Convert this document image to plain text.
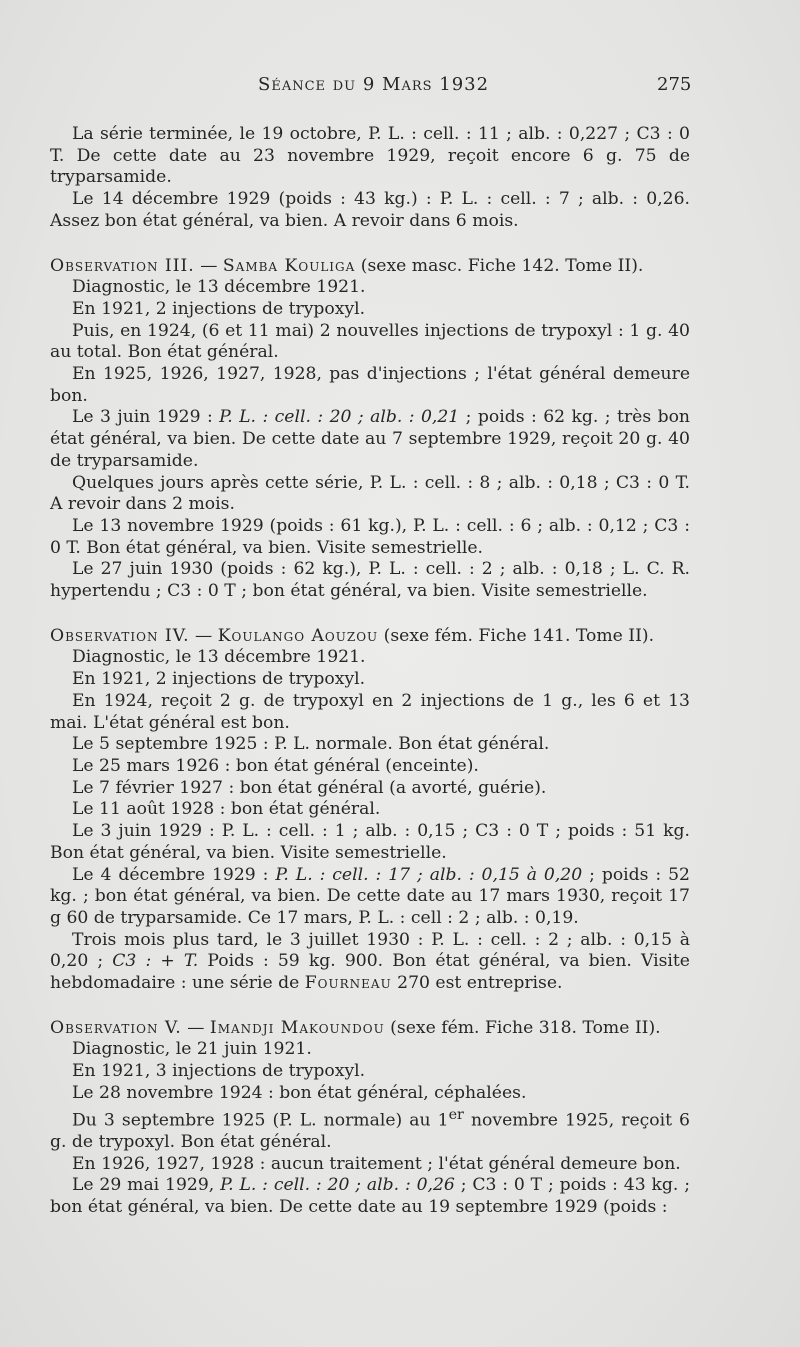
Séance du 9 Mars 1932	275

La série terminée, le 19 octobre, P. L. : cell. : 11 ; alb. : 0,227 ; C3 : 0 T. De cette date au 23 novembre 1929, reçoit encore 6 g. 75 de tryparsamide.

Le 14 décembre 1929 (poids : 43 kg.) : P. L. : cell. : 7 ; alb. : 0,26. Assez bon état général, va bien. A revoir dans 6 mois.

Observation III. — Samba Kouliga (sexe masc. Fiche 142. Tome II).

Diagnostic, le 13 décembre 1921.

En 1921, 2 injections de trypoxyl.

Puis, en 1924, (6 et 11 mai) 2 nouvelles injections de trypoxyl : 1 g. 40 au total. Bon état général.

En 1925, 1926, 1927, 1928, pas d'injections ; l'état général demeure bon.

Le 3 juin 1929 : P. L. : cell. : 20 ; alb. : 0,21 ; poids : 62 kg. ; très bon état général, va bien. De cette date au 7 septembre 1929, reçoit 20 g. 40 de tryparsamide.

Quelques jours après cette série, P. L. : cell. : 8 ; alb. : 0,18 ; C3 : 0 T. A revoir dans 2 mois.

Le 13 novembre 1929 (poids : 61 kg.), P. L. : cell. : 6 ; alb. : 0,12 ; C3 : 0 T. Bon état général, va bien. Visite semestrielle.

Le 27 juin 1930 (poids : 62 kg.), P. L. : cell. : 2 ; alb. : 0,18 ; L. C. R. hypertendu ; C3 : 0 T ; bon état général, va bien. Visite semestrielle.

Observation IV. — Koulango Aouzou (sexe fém. Fiche 141. Tome II).

Diagnostic, le 13 décembre 1921.

En 1921, 2 injections de trypoxyl.

En 1924, reçoit 2 g. de trypoxyl en 2 injections de 1 g., les 6 et 13 mai. L'état général est bon.

Le 5 septembre 1925 : P. L. normale. Bon état général.

Le 25 mars 1926 : bon état général (enceinte).

Le 7 février 1927 : bon état général (a avorté, guérie).

Le 11 août 1928 : bon état général.

Le 3 juin 1929 : P. L. : cell. : 1 ; alb. : 0,15 ; C3 : 0 T ; poids : 51 kg. Bon état général, va bien. Visite semestrielle.

Le 4 décembre 1929 : P. L. : cell. : 17 ; alb. : 0,15 à 0,20 ; poids : 52 kg. ; bon état général, va bien. De cette date au 17 mars 1930, reçoit 17 g 60 de tryparsamide. Ce 17 mars, P. L. : cell : 2 ; alb. : 0,19.

Trois mois plus tard, le 3 juillet 1930 : P. L. : cell. : 2 ; alb. : 0,15 à 0,20 ; C3 : + T. Poids : 59 kg. 900. Bon état général, va bien. Visite hebdomadaire : une série de Fourneau 270 est entreprise.

Observation V. — Imandji Makoundou (sexe fém. Fiche 318. Tome II).

Diagnostic, le 21 juin 1921.

En 1921, 3 injections de trypoxyl.

Le 28 novembre 1924 : bon état général, céphalées.

Du 3 septembre 1925 (P. L. normale) au 1er novembre 1925, reçoit 6 g. de trypoxyl. Bon état général.

En 1926, 1927, 1928 : aucun traitement ; l'état général demeure bon.

Le 29 mai 1929, P. L. : cell. : 20 ; alb. : 0,26 ; C3 : 0 T ; poids : 43 kg. ; bon état général, va bien. De cette date au 19 septembre 1929 (poids :
